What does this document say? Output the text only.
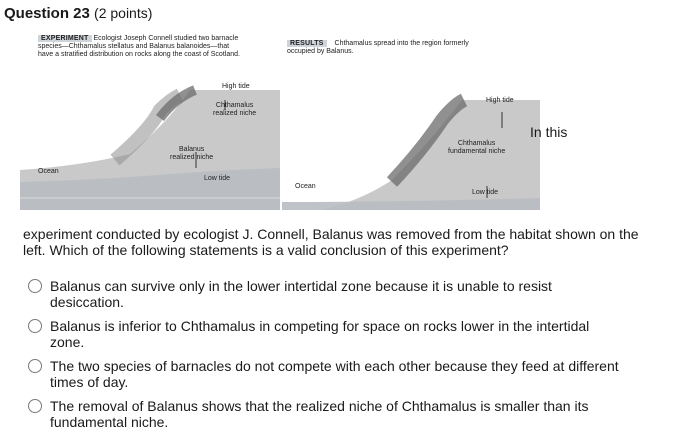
Question 23 (2 points)
EXPERIMENT Ecologist Joseph Connell studied two barnacle
species—Chthamalus stellatus and Balanus balanoides—that
have a stratified distribution on rocks along the coast of Scotland.
RESULTS Chthamalus spread into the region formerly
occupied by Balanus.
High tide
Chthamalus
realized niche
Balanus
realized niche
Low tide
Ocean
High tide
Chthamalus
fundamental niche
Low tide
Ocean
In this
experiment conducted by ecologist J. Connell, Balanus was removed from the habitat shown on the left. Which of the following statements is a valid conclusion of this experiment?
Balanus can survive only in the lower intertidal zone because it is unable to resist desiccation.
Balanus is inferior to Chthamalus in competing for space on rocks lower in the intertidal zone.
The two species of barnacles do not compete with each other because they feed at different times of day.
The removal of Balanus shows that the realized niche of Chthamalus is smaller than its fundamental niche.
